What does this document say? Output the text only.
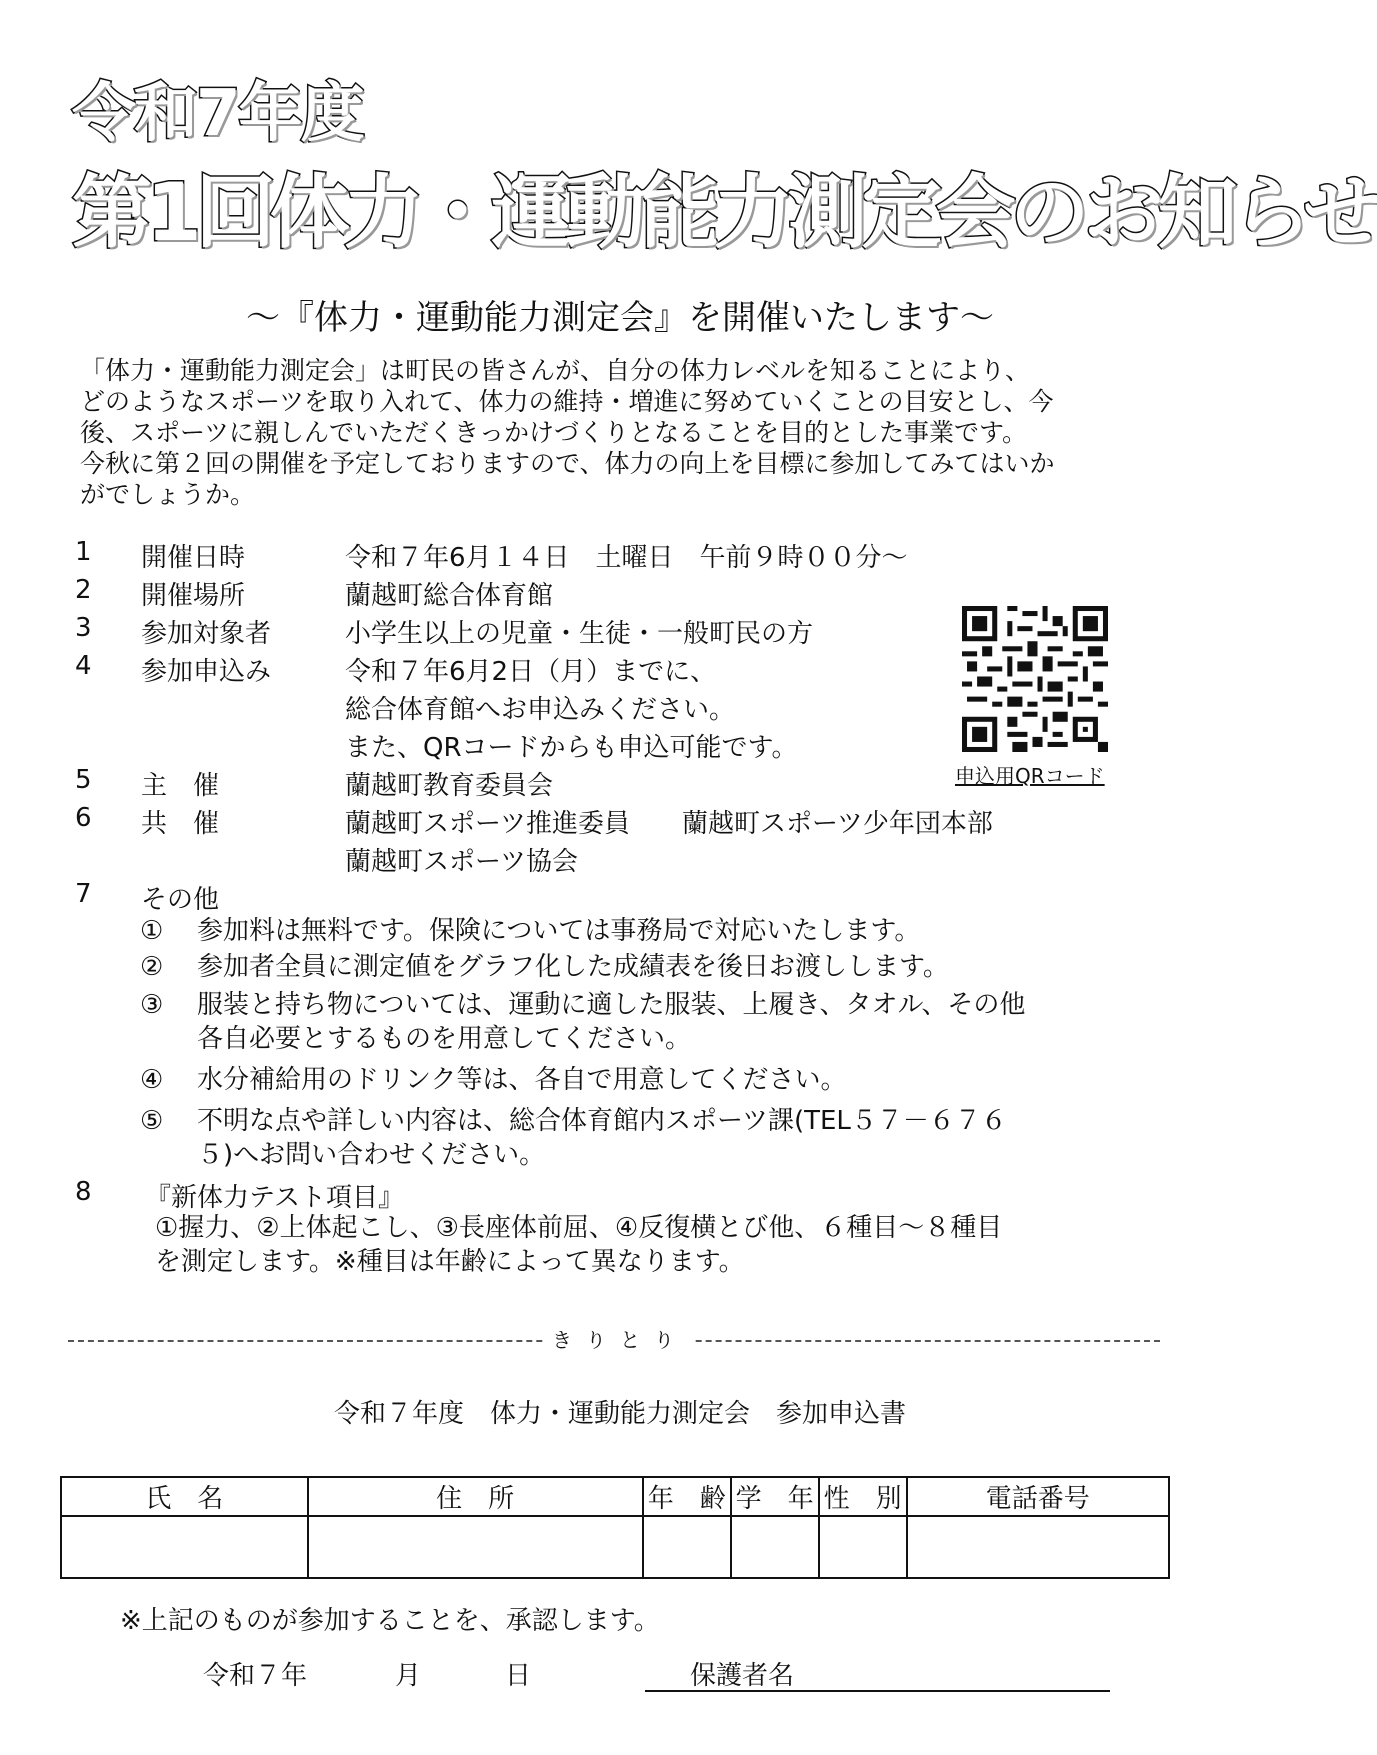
令和7年度
第1回体力・運動能力測定会のお知らせ
～『体力・運動能力測定会』を開催いたします～

「体力・運動能力測定会」は町民の皆さんが、自分の体力レベルを知ることにより、

どのようなスポーツを取り入れて、体力の維持・増進に努めていくことの目安とし、今

後、スポーツに親しんでいただくきっかけづくりとなることを目的とした事業です。

今秋に第２回の開催を予定しておりますので、体力の向上を目標に参加してみてはいか

がでしょうか。

1 開催日時	令和７年6月１４日　土曜日　午前９時００分～
2 開催場所	蘭越町総合体育館
3 参加対象者	小学生以上の児童・生徒・一般町民の方
4 参加申込み	令和７年6月2日（月）までに、
総合体育館へお申込みください。
また、QRコードからも申込可能です。
5 主　催	蘭越町教育委員会
6 共　催	蘭越町スポーツ推進委員　　蘭越町スポーツ少年団本部
蘭越町スポーツ協会
7 その他
① 参加料は無料です。保険については事務局で対応いたします。
② 参加者全員に測定値をグラフ化した成績表を後日お渡しします。
③ 服装と持ち物については、運動に適した服装、上履き、タオル、その他
各自必要とするものを用意してください。
④ 水分補給用のドリンク等は、各自で用意してください。
⑤ 不明な点や詳しい内容は、総合体育館内スポーツ課(TEL５７－６７６
５)へお問い合わせください。
8 『新体力テスト項目』
①握力、②上体起こし、③長座体前屈、④反復横とび他、６種目～８種目
を測定します。※種目は年齢によって異なります。
申込用QRコード
きりとり
令和７年度　体力・運動能力測定会　参加申込書
氏　名	住　所	年　齢	学　年	性　別	電話番号

※上記のものが参加することを、承認します。
令和７年	月	日	保護者名
